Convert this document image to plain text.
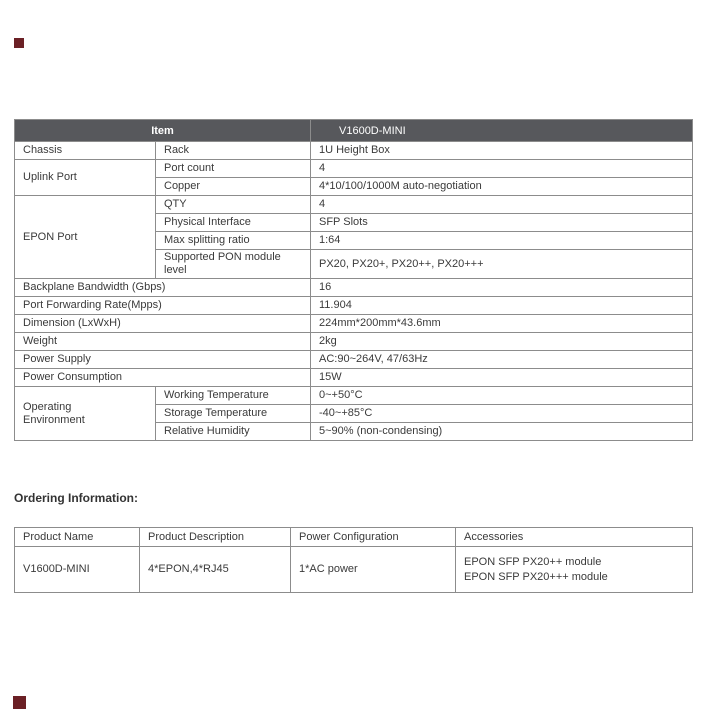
Item		V1600D-MINI
Chassis	Rack	1U Height Box
Uplink Port	Port count	4
	Copper	4*10/100/1000M auto-negotiation
EPON Port	QTY	4
	Physical Interface	SFP Slots
	Max splitting ratio	1:64
	Supported PON module level	PX20, PX20+, PX20++, PX20+++
Backplane Bandwidth (Gbps)		16
Port Forwarding Rate(Mpps)		11.904
Dimension (LxWxH)		224mm*200mm*43.6mm
Weight		2kg
Power Supply		AC:90~264V, 47/63Hz
Power Consumption		15W
Operating Environment	Working Temperature	0~+50°C
	Storage Temperature	-40~+85°C
	Relative Humidity	5~90% (non-condensing)
Ordering Information:
Product Name	Product Description	Power Configuration	Accessories
V1600D-MINI	4*EPON,4*RJ45	1*AC power	EPON SFP PX20++ module
EPON SFP PX20+++ module
